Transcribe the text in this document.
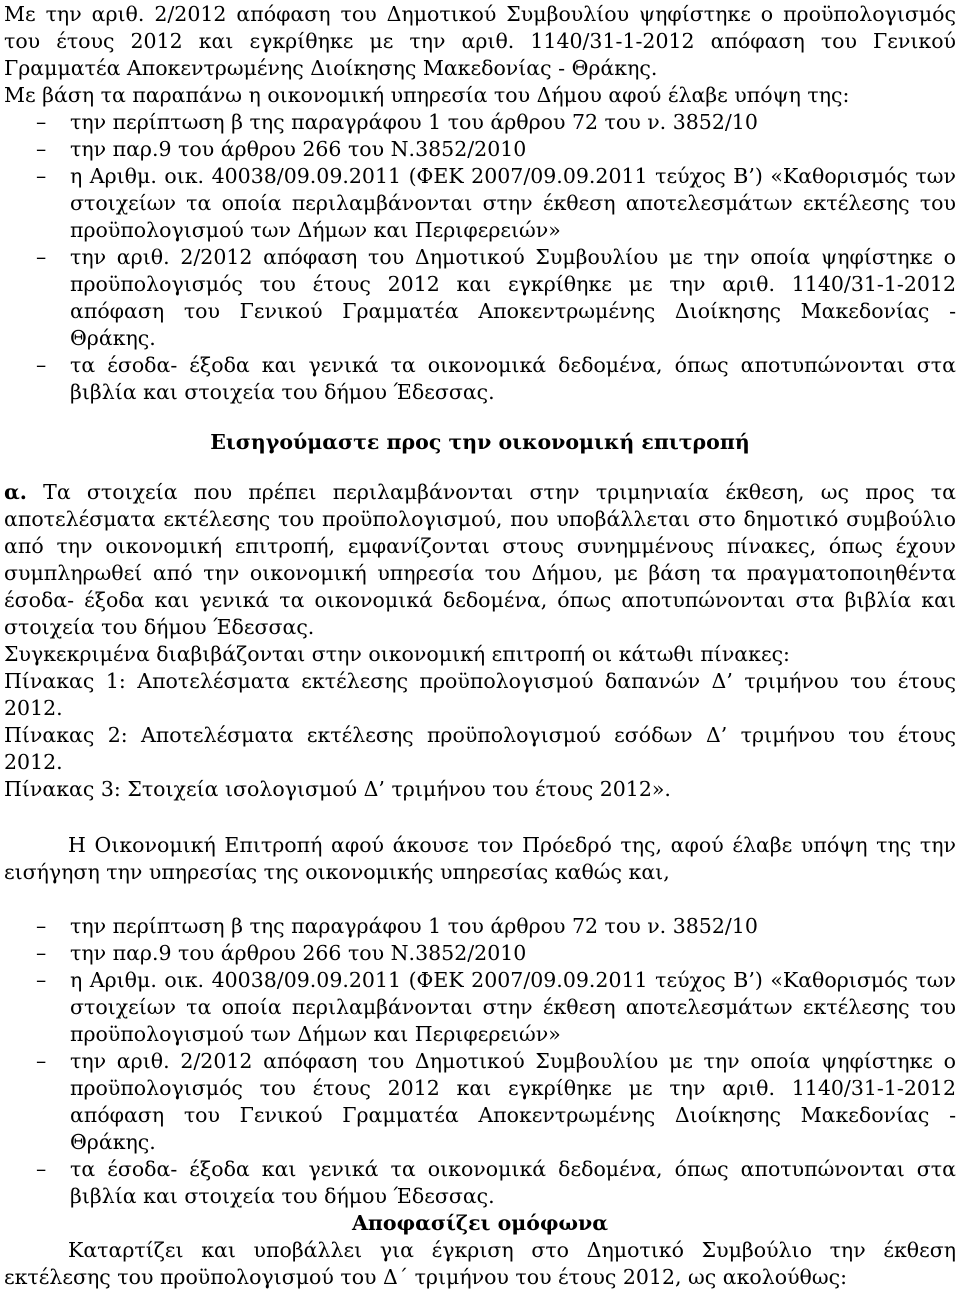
Με την αριθ. 2/2012 απόφαση του Δημοτικού Συμβουλίου ψηφίστηκε ο προϋπολογισμός του έτους 2012 και εγκρίθηκε με την αριθ. 1140/31-1-2012 απόφαση του Γενικού Γραμματέα Αποκεντρωμένης Διοίκησης Μακεδονίας - Θράκης.

Με βάση τα παραπάνω η οικονομική υπηρεσία του Δήμου αφού έλαβε υπόψη της:

– την περίπτωση β της παραγράφου 1 του άρθρου 72 του ν. 3852/10
– την παρ.9 του άρθρου 266 του Ν.3852/2010
– η Αριθμ. οικ. 40038/09.09.2011 (ΦΕΚ 2007/09.09.2011 τεύχος Β’) «Καθορισμός των στοιχείων τα οποία περιλαμβάνονται στην έκθεση αποτελεσμάτων εκτέλεσης του προϋπολογισμού των Δήμων και Περιφερειών»
– την αριθ. 2/2012 απόφαση του Δημοτικού Συμβουλίου με την οποία ψηφίστηκε ο προϋπολογισμός του έτους 2012 και εγκρίθηκε με την αριθ. 1140/31-1-2012 απόφαση του Γενικού Γραμματέα Αποκεντρωμένης Διοίκησης Μακεδονίας - Θράκης.
– τα έσοδα- έξοδα και γενικά τα οικονομικά δεδομένα, όπως αποτυπώνονται στα βιβλία και στοιχεία του δήμου Έδεσσας.

Εισηγούμαστε προς την οικονομική επιτροπή

α. Τα στοιχεία που πρέπει περιλαμβάνονται στην τριμηνιαία έκθεση, ως προς τα αποτελέσματα εκτέλεσης του προϋπολογισμού, που υποβάλλεται στο δημοτικό συμβούλιο από την οικονομική επιτροπή, εμφανίζονται στους συνημμένους πίνακες, όπως έχουν συμπληρωθεί από την οικονομική υπηρεσία του Δήμου, με βάση τα πραγματοποιηθέντα έσοδα- έξοδα και γενικά τα οικονομικά δεδομένα, όπως αποτυπώνονται στα βιβλία και στοιχεία του δήμου Έδεσσας.

Συγκεκριμένα διαβιβάζονται στην οικονομική επιτροπή οι κάτωθι πίνακες:

Πίνακας 1: Αποτελέσματα εκτέλεσης προϋπολογισμού δαπανών Δ’ τριμήνου του έτους 2012.

Πίνακας 2: Αποτελέσματα εκτέλεσης προϋπολογισμού εσόδων Δ’ τριμήνου του έτους 2012.

Πίνακας 3: Στοιχεία ισολογισμού Δ’ τριμήνου του έτους 2012».

Η Οικονομική Επιτροπή αφού άκουσε τον Πρόεδρό της, αφού έλαβε υπόψη της την εισήγηση την υπηρεσίας της οικονομικής υπηρεσίας καθώς και,

– την περίπτωση β της παραγράφου 1 του άρθρου 72 του ν. 3852/10
– την παρ.9 του άρθρου 266 του Ν.3852/2010
– η Αριθμ. οικ. 40038/09.09.2011 (ΦΕΚ 2007/09.09.2011 τεύχος Β’) «Καθορισμός των στοιχείων τα οποία περιλαμβάνονται στην έκθεση αποτελεσμάτων εκτέλεσης του προϋπολογισμού των Δήμων και Περιφερειών»
– την αριθ. 2/2012 απόφαση του Δημοτικού Συμβουλίου με την οποία ψηφίστηκε ο προϋπολογισμός του έτους 2012 και εγκρίθηκε με την αριθ. 1140/31-1-2012 απόφαση του Γενικού Γραμματέα Αποκεντρωμένης Διοίκησης Μακεδονίας - Θράκης.
– τα έσοδα- έξοδα και γενικά τα οικονομικά δεδομένα, όπως αποτυπώνονται στα βιβλία και στοιχεία του δήμου Έδεσσας.

Αποφασίζει ομόφωνα

Καταρτίζει και υποβάλλει για έγκριση στο Δημοτικό Συμβούλιο την έκθεση εκτέλεσης του προϋπολογισμού του Δ΄ τριμήνου του έτους 2012, ως ακολούθως:
